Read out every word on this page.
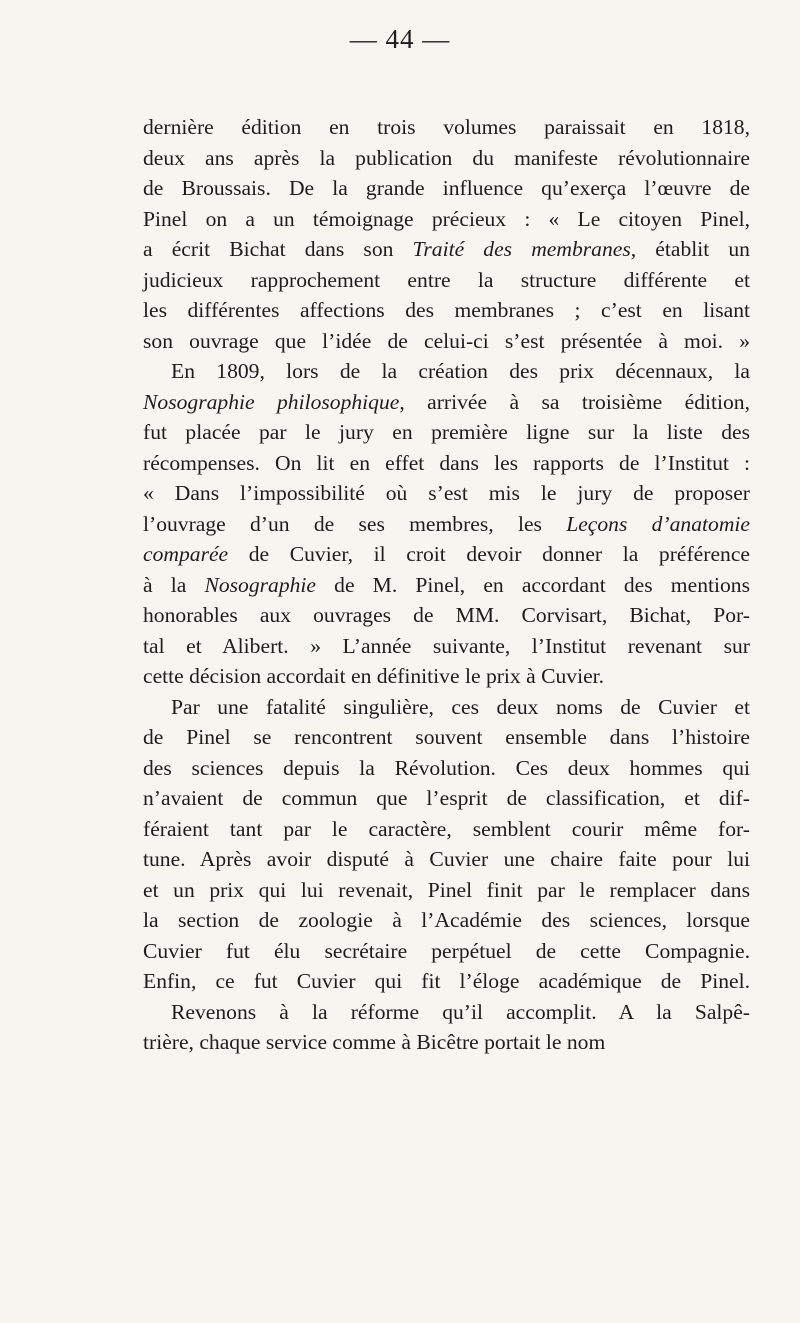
— 44 —
dernière édition en trois volumes paraissait en 1818,
deux ans après la publication du manifeste révolutionnaire
de Broussais. De la grande influence qu’exerça l’œuvre de
Pinel on a un témoignage précieux : « Le citoyen Pinel,
a écrit Bichat dans son Traité des membranes, établit un
judicieux rapprochement entre la structure différente et
les différentes affections des membranes ; c’est en lisant
son ouvrage que l’idée de celui-ci s’est présentée à moi. »
En 1809, lors de la création des prix décennaux, la
Nosographie philosophique, arrivée à sa troisième édition,
fut placée par le jury en première ligne sur la liste des
récompenses. On lit en effet dans les rapports de l’Institut :
« Dans l’impossibilité où s’est mis le jury de proposer
l’ouvrage d’un de ses membres, les Leçons d’anatomie
comparée de Cuvier, il croit devoir donner la préférence
à la Nosographie de M. Pinel, en accordant des mentions
honorables aux ouvrages de MM. Corvisart, Bichat, Por-
tal et Alibert. » L’année suivante, l’Institut revenant sur
cette décision accordait en définitive le prix à Cuvier.
Par une fatalité singulière, ces deux noms de Cuvier et
de Pinel se rencontrent souvent ensemble dans l’histoire
des sciences depuis la Révolution. Ces deux hommes qui
n’avaient de commun que l’esprit de classification, et dif-
féraient tant par le caractère, semblent courir même for-
tune. Après avoir disputé à Cuvier une chaire faite pour lui
et un prix qui lui revenait, Pinel finit par le remplacer dans
la section de zoologie à l’Académie des sciences, lorsque
Cuvier fut élu secrétaire perpétuel de cette Compagnie.
Enfin, ce fut Cuvier qui fit l’éloge académique de Pinel.
Revenons à la réforme qu’il accomplit. A la Salpê-
trière, chaque service comme à Bicêtre portait le nom
